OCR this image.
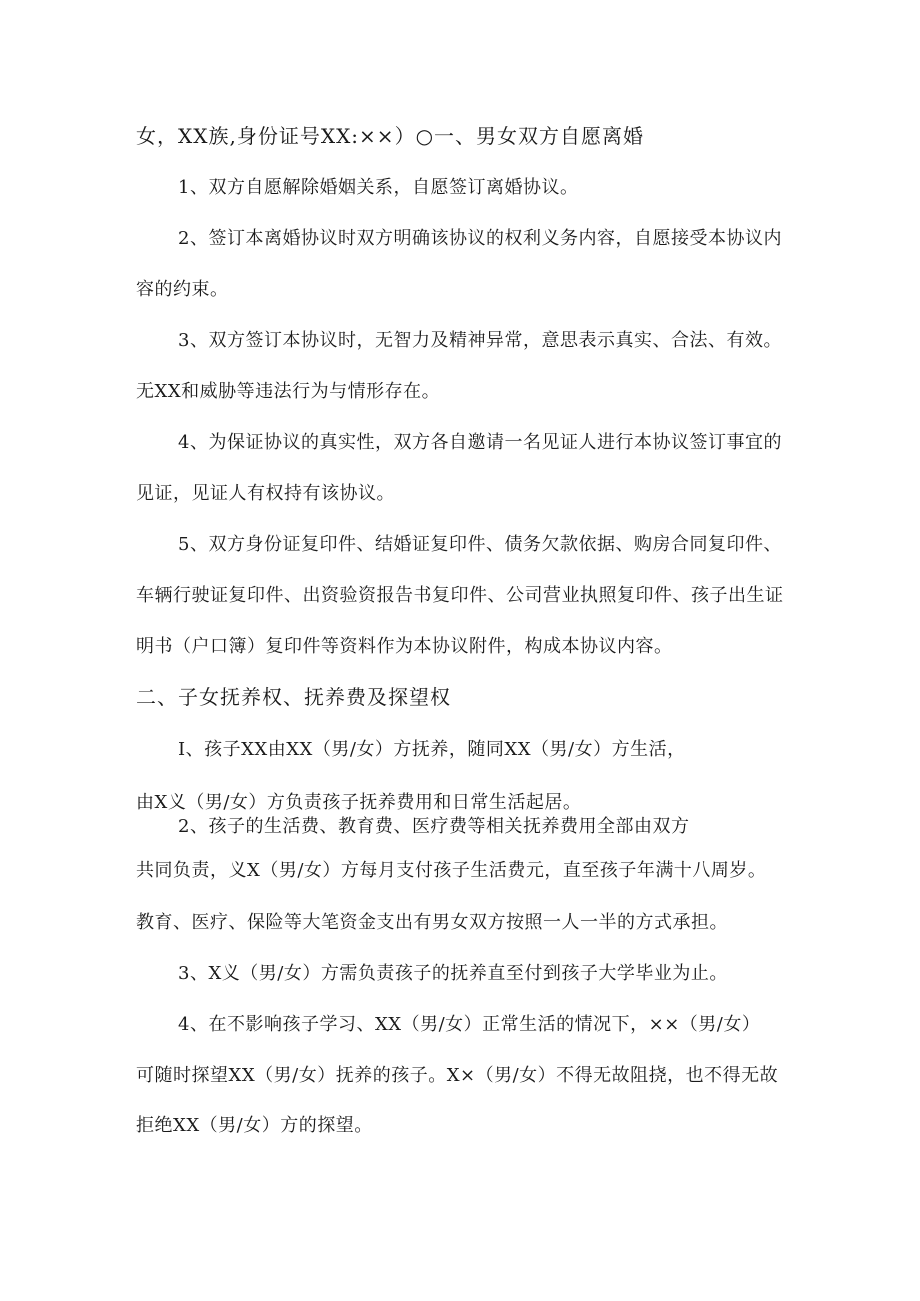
女，XX族,身份证号XX:××）○一、男女双方自愿离婚
1、双方自愿解除婚姻关系，自愿签订离婚协议。
2、签订本离婚协议时双方明确该协议的权利义务内容，自愿接受本协议内
容的约束。
3、双方签订本协议时，无智力及精神异常，意思表示真实、合法、有效。
无XX和威胁等违法行为与情形存在。
4、为保证协议的真实性，双方各自邀请一名见证人进行本协议签订事宜的
见证，见证人有权持有该协议。
5、双方身份证复印件、结婚证复印件、债务欠款依据、购房合同复印件、
车辆行驶证复印件、出资验资报告书复印件、公司营业执照复印件、孩子出生证
明书（户口簿）复印件等资料作为本协议附件，构成本协议内容。
二、子女抚养权、抚养费及探望权
I、孩子XX由XX（男/女）方抚养，随同XX（男/女）方生活，
由X义（男/女）方负责孩子抚养费用和日常生活起居。
2、孩子的生活费、教育费、医疗费等相关抚养费用全部由双方
共同负责，义X（男/女）方每月支付孩子生活费元，直至孩子年满十八周岁。
教育、医疗、保险等大笔资金支出有男女双方按照一人一半的方式承担。
3、X义（男/女）方需负责孩子的抚养直至付到孩子大学毕业为止。
4、在不影响孩子学习、XX（男/女）正常生活的情况下，××（男/女）
可随时探望XX（男/女）抚养的孩子。X×（男/女）不得无故阻挠，也不得无故
拒绝XX（男/女）方的探望。
